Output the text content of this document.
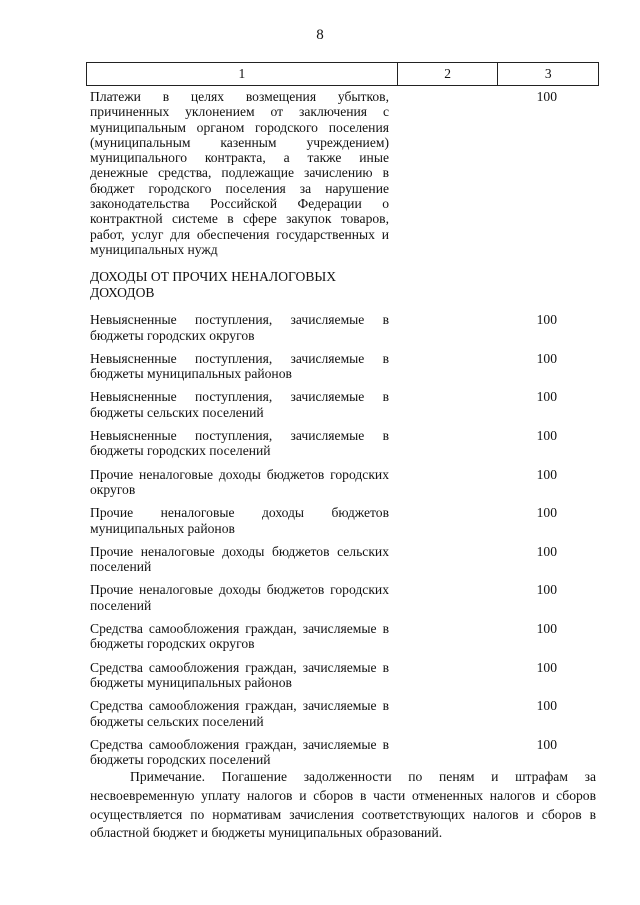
8
1	2	3
Платежи в целях возмещения убытков, причиненных уклонением от заключения с муниципальным органом городского поселения (муниципальным казенным учреждением) муниципального контракта, а также иные денежные средства, подлежащие зачислению в бюджет городского поселения за нарушение законодательства Российской Федерации о контрактной системе в сфере закупок товаров, работ, услуг для обеспечения государственных и муниципальных нужд
100
ДОХОДЫ ОТ ПРОЧИХ НЕНАЛОГОВЫХ ДОХОДОВ
Невыясненные поступления, зачисляемые в бюджеты городских округов
100
Невыясненные поступления, зачисляемые в бюджеты муниципальных районов
100
Невыясненные поступления, зачисляемые в бюджеты сельских поселений
100
Невыясненные поступления, зачисляемые в бюджеты городских поселений
100
Прочие неналоговые доходы бюджетов городских округов
100
Прочие неналоговые доходы бюджетов муниципальных районов
100
Прочие неналоговые доходы бюджетов сельских поселений
100
Прочие неналоговые доходы бюджетов городских поселений
100
Средства самообложения граждан, зачисляемые в бюджеты городских округов
100
Средства самообложения граждан, зачисляемые в бюджеты муниципальных районов
100
Средства самообложения граждан, зачисляемые в бюджеты сельских поселений
100
Средства самообложения граждан, зачисляемые в бюджеты городских поселений
100
Примечание. Погашение задолженности по пеням и штрафам за несвоевременную уплату налогов и сборов в части отмененных налогов и сборов осуществляется по нормативам зачисления соответствующих налогов и сборов в областной бюджет и бюджеты муниципальных образований.
